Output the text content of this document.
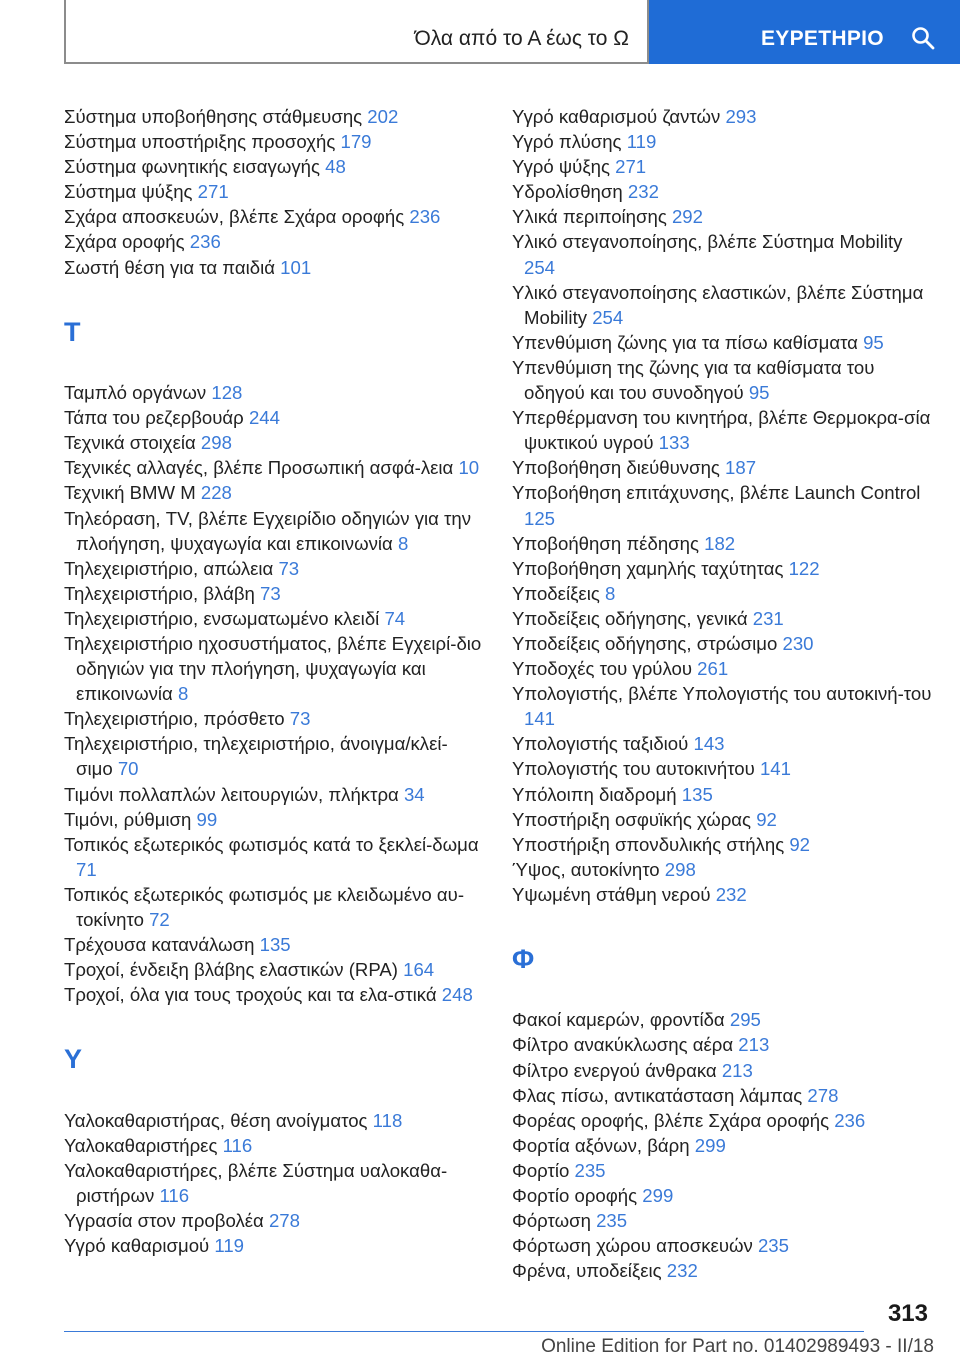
Όλα από το Α έως το Ω	ΕΥΡΕΤΗΡΙΟ
Σύστημα υποβοήθησης στάθμευσης 202
Σύστημα υποστήριξης προσοχής 179
Σύστημα φωνητικής εισαγωγής 48
Σύστημα ψύξης 271
Σχάρα αποσκευών, βλέπε Σχάρα οροφής 236
Σχάρα οροφής 236
Σωστή θέση για τα παιδιά 101
Τ
Ταμπλό οργάνων 128
Τάπα του ρεζερβουάρ 244
Τεχνικά στοιχεία 298
Τεχνικές αλλαγές, βλέπε Προσωπική ασφά-λεια 10
Τεχνική BMW M 228
Τηλεόραση, TV, βλέπε Εγχειρίδιο οδηγιών για την πλοήγηση, ψυχαγωγία και επικοινωνία 8
Τηλεχειριστήριο, απώλεια 73
Τηλεχειριστήριο, βλάβη 73
Τηλεχειριστήριο, ενσωματωμένο κλειδί 74
Τηλεχειριστήριο ηχοσυστήματος, βλέπε Εγχειρί-διο οδηγιών για την πλοήγηση, ψυχαγωγία και επικοινωνία 8
Τηλεχειριστήριο, πρόσθετο 73
Τηλεχειριστήριο, τηλεχειριστήριο, άνοιγμα/κλεί-σιμο 70
Τιμόνι πολλαπλών λειτουργιών, πλήκτρα 34
Τιμόνι, ρύθμιση 99
Τοπικός εξωτερικός φωτισμός κατά το ξεκλεί-δωμα 71
Τοπικός εξωτερικός φωτισμός με κλειδωμένο αυ-τοκίνητο 72
Τρέχουσα κατανάλωση 135
Τροχοί, ένδειξη βλάβης ελαστικών (RPA) 164
Τροχοί, όλα για τους τροχούς και τα ελα-στικά 248
Υ
Υαλοκαθαριστήρας, θέση ανοίγματος 118
Υαλοκαθαριστήρες 116
Υαλοκαθαριστήρες, βλέπε Σύστημα υαλοκαθα-ριστήρων 116
Υγρασία στον προβολέα 278
Υγρό καθαρισμού 119
Υγρό καθαρισμού ζαντών 293
Υγρό πλύσης 119
Υγρό ψύξης 271
Υδρολίσθηση 232
Υλικά περιποίησης 292
Υλικό στεγανοποίησης, βλέπε Σύστημα Mobility 254
Υλικό στεγανοποίησης ελαστικών, βλέπε Σύστημα Mobility 254
Υπενθύμιση ζώνης για τα πίσω καθίσματα 95
Υπενθύμιση της ζώνης για τα καθίσματα του οδηγού και του συνοδηγού 95
Υπερθέρμανση του κινητήρα, βλέπε Θερμοκρα-σία ψυκτικού υγρού 133
Υποβοήθηση διεύθυνσης 187
Υποβοήθηση επιτάχυνσης, βλέπε Launch Control 125
Υποβοήθηση πέδησης 182
Υποβοήθηση χαμηλής ταχύτητας 122
Υποδείξεις 8
Υποδείξεις οδήγησης, γενικά 231
Υποδείξεις οδήγησης, στρώσιμο 230
Υποδοχές του γρύλου 261
Υπολογιστής, βλέπε Υπολογιστής του αυτοκινή-του 141
Υπολογιστής ταξιδιού 143
Υπολογιστής του αυτοκινήτου 141
Υπόλοιπη διαδρομή 135
Υποστήριξη οσφυϊκής χώρας 92
Υποστήριξη σπονδυλικής στήλης 92
Ύψος, αυτοκίνητο 298
Υψωμένη στάθμη νερού 232
Φ
Φακοί καμερών, φροντίδα 295
Φίλτρο ανακύκλωσης αέρα 213
Φίλτρο ενεργού άνθρακα 213
Φλας πίσω, αντικατάσταση λάμπας 278
Φορέας οροφής, βλέπε Σχάρα οροφής 236
Φορτία αξόνων, βάρη 299
Φορτίο 235
Φορτίο οροφής 299
Φόρτωση 235
Φόρτωση χώρου αποσκευών 235
Φρένα, υποδείξεις 232
313
Online Edition for Part no. 01402989493 - II/18
